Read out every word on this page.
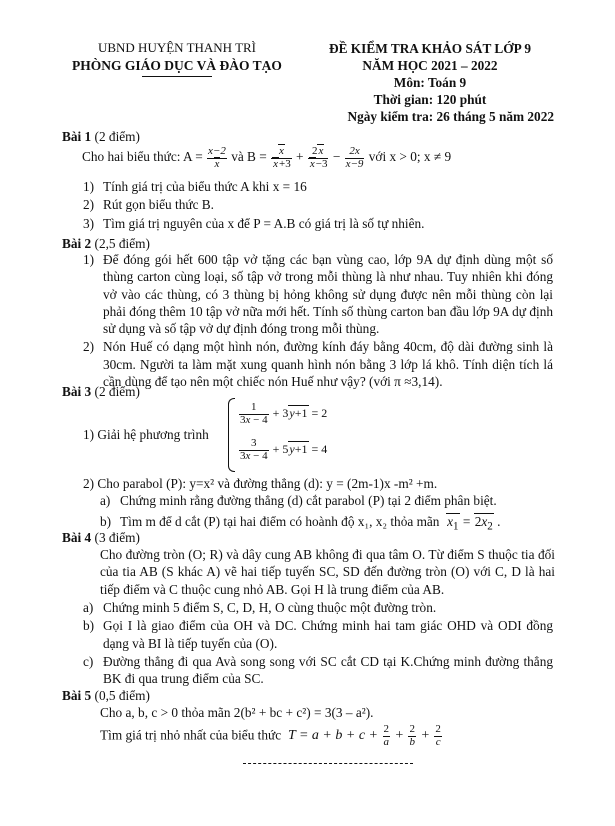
UBND HUYỆN THANH TRÌ
PHÒNG GIÁO DỤC VÀ ĐÀO TẠO
ĐỀ KIỂM TRA KHẢO SÁT LỚP 9
NĂM HỌC 2021 – 2022
Môn: Toán 9
Thời gian: 120 phút
Ngày kiểm tra: 26 tháng 5 năm 2022
Bài 1 (2 điểm)
Cho hai biểu thức: $A = \frac{x-2}{x}$ và $B = \frac{x}{x+3} + \frac{2x}{x-3} - \frac{2x}{x-9}$ với x > 0; x ≠ 9
1) Tính giá trị của biểu thức A khi x = 16
2) Rút gọn biểu thức B.
3) Tìm giá trị nguyên của x để P = A.B có giá trị là số tự nhiên.
Bài 2 (2,5 điểm)
1) Để đóng gói hết 600 tập vở tặng các bạn vùng cao, lớp 9A dự định dùng một số thùng carton cùng loại, số tập vở trong mỗi thùng là như nhau. Tuy nhiên khi đóng vở vào các thùng, có 3 thùng bị hỏng không sử dụng được nên mỗi thùng còn lại phải đóng thêm 10 tập vở nữa mới hết. Tính số thùng carton ban đầu lớp 9A dự định sử dụng và số tập vở dự định đóng trong mỗi thùng.
2) Nón Huế có dạng một hình nón, đường kính đáy bằng 40cm, độ dài đường sinh là 30cm. Người ta làm mặt xung quanh hình nón bằng 3 lớp lá khô. Tính diện tích lá cần dùng để tạo nên một chiếc nón Huế như vậy? (với π ≈3,14).
Bài 3 (2 điểm)
1) Giải hệ phương trình
$\frac{1}{3x - 4} + 3y+1 = 2$
$\frac{3}{3x - 4} + 5y+1 = 4$
2) Cho parabol (P): y=x² và đường thẳng (d): y = (2m-1)x -m² +m.
a) Chứng minh rằng đường thẳng (d) cắt parabol (P) tại 2 điểm phân biệt.
b) Tìm m để d cắt (P) tại hai điểm có hoành độ x₁, x₂ thỏa mãn $x_1 = 2x_2$ .
Bài 4 (3 điểm)
Cho đường tròn (O; R) và dây cung AB không đi qua tâm O. Từ điểm S thuộc tia đối của tia AB (S khác A) vẽ hai tiếp tuyến SC, SD đến đường tròn (O) với C, D là hai tiếp điểm và C thuộc cung nhỏ AB. Gọi H là trung điểm của AB.
a) Chứng minh 5 điểm S, C, D, H, O cùng thuộc một đường tròn.
b) Gọi I là giao điểm của OH và DC. Chứng minh hai tam giác OHD và ODI đồng dạng và BI là tiếp tuyến của (O).
c) Đường thẳng đi qua Avà song song với SC cắt CD tại K.Chứng minh đường thẳng BK đi qua trung điểm của SC.
Bài 5 (0,5 điểm)
Cho a, b, c > 0 thỏa mãn 2(b² + bc + c²) = 3(3 – a²).
Tìm giá trị nhỏ nhất của biểu thức  $T = a + b + c + \frac{2}{a} + \frac{2}{b} + \frac{2}{c}$
